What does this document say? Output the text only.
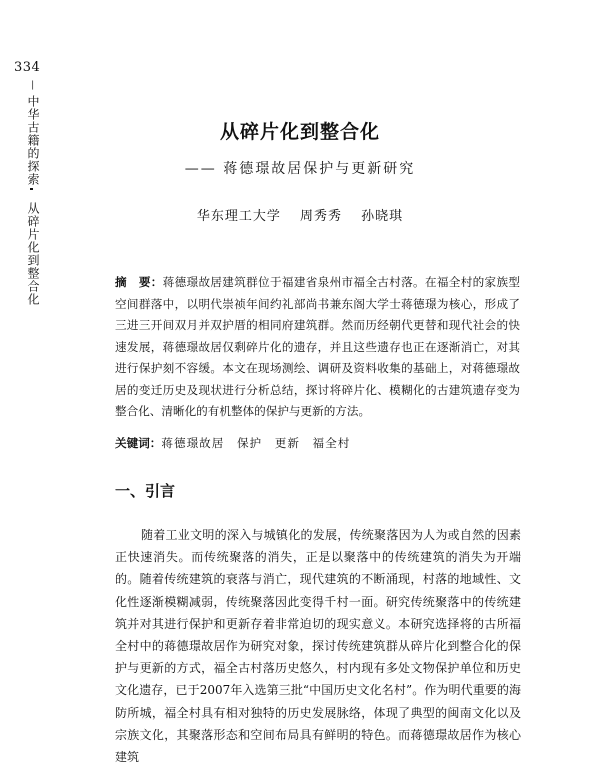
334
—
中华古籍的探索
从碎片化到整合化
从碎片化到整合化
—— 蒋德璟故居保护与更新研究
华东理工大学 周秀秀 孙晓琪
摘　要：蒋德璟故居建筑群位于福建省泉州市福全古村落。在福全村的家族型空间群落中，以明代崇祯年间约礼部尚书兼东阁大学士蒋德璟为核心，形成了三进三开间双月并双护厝的相同府建筑群。然而历经朝代更替和现代社会的快速发展，蒋德璟故居仅剩碎片化的遗存，并且这些遗存也正在逐渐消亡，对其进行保护刻不容缓。本文在现场测绘、调研及资料收集的基础上，对蒋德璟故居的变迁历史及现状进行分析总结，探讨将碎片化、模糊化的古建筑遗存变为整合化、清晰化的有机整体的保护与更新的方法。
关键词：蒋德璟故居　保护　更新　福全村
一、引言
随着工业文明的深入与城镇化的发展，传统聚落因为人为或自然的因素正快速消失。而传统聚落的消失，正是以聚落中的传统建筑的消失为开端的。随着传统建筑的衰落与消亡，现代建筑的不断涌现，村落的地域性、文化性逐渐模糊减弱，传统聚落因此变得千村一面。研究传统聚落中的传统建筑并对其进行保护和更新存着非常迫切的现实意义。本研究选择将的古所福全村中的蒋德璟故居作为研究对象，探讨传统建筑群从碎片化到整合化的保护与更新的方式，福全古村落历史悠久，村内现有多处文物保护单位和历史文化遗存，已于2007年入选第三批“中国历史文化名村”。作为明代重要的海防所城，福全村具有相对独特的历史发展脉络，体现了典型的闽南文化以及宗族文化，其聚落形态和空间布局具有鲜明的特色。而蒋德璟故居作为核心建筑
